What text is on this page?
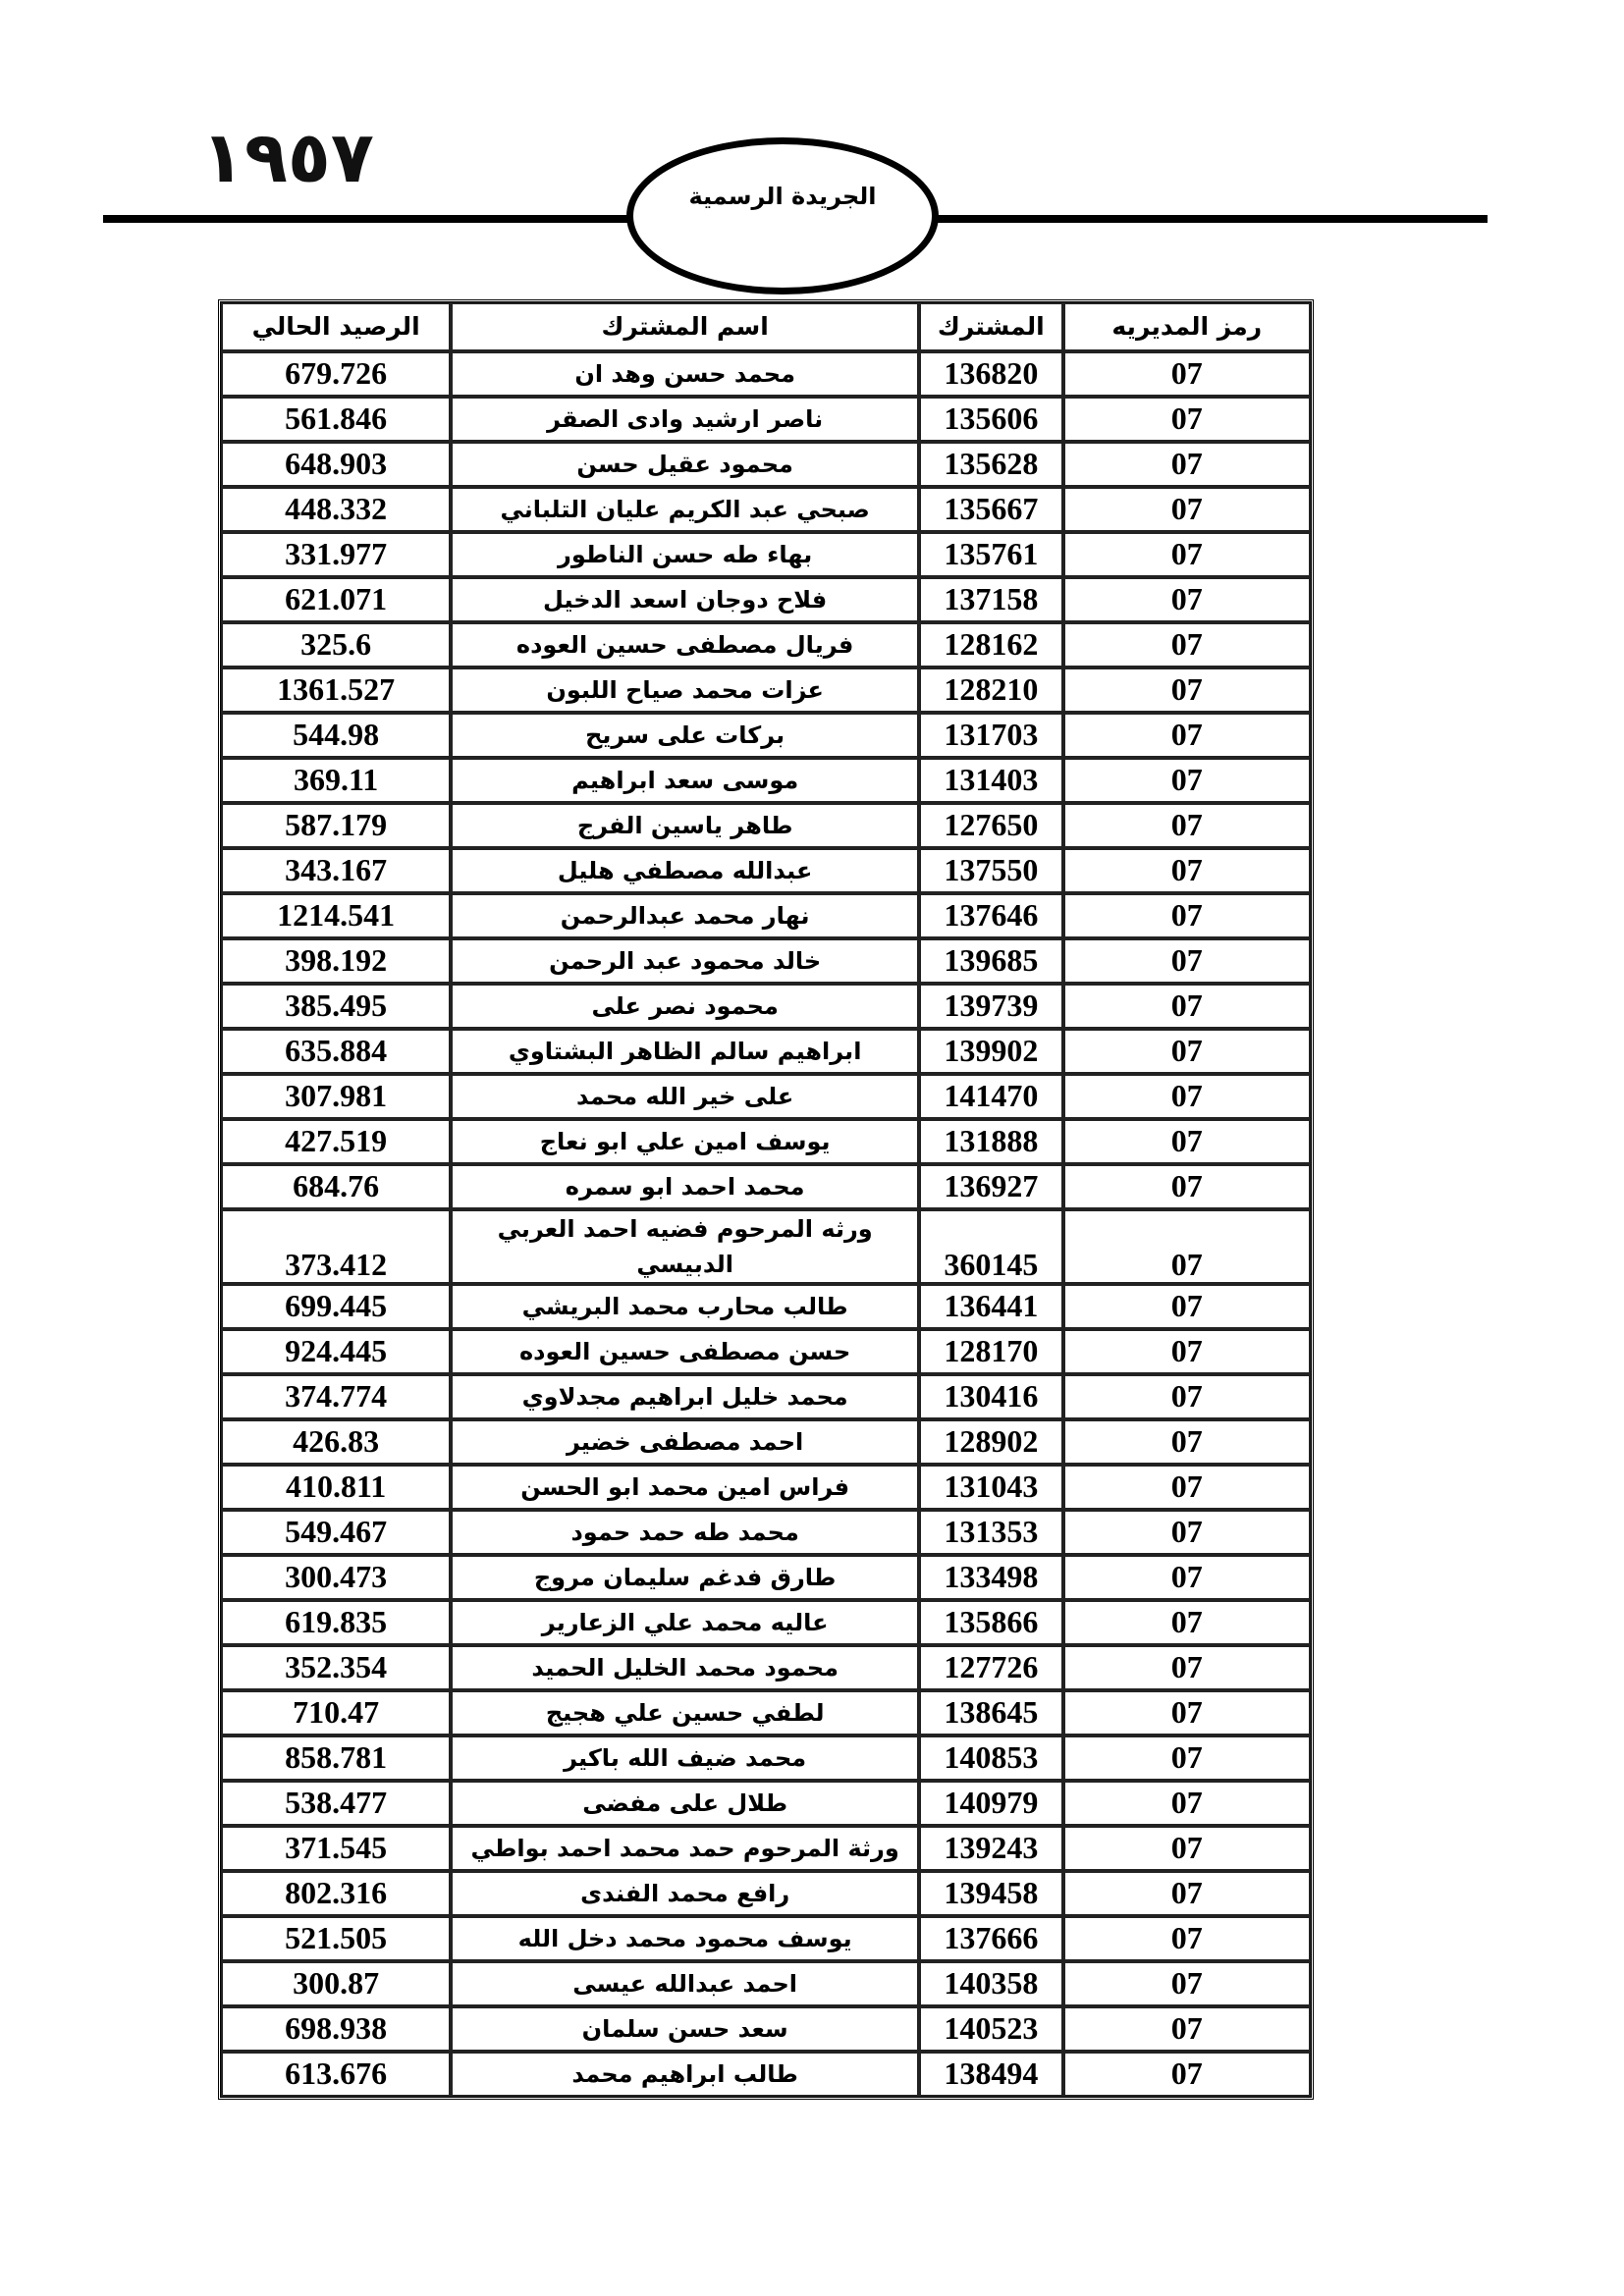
١٩٥٧	الجريدة الرسمية
رمز المديريه	المشترك	اسم المشترك	الرصيد الحالي
07	136820	محمد حسن وهد ان	679.726
07	135606	ناصر ارشيد وادى الصقر	561.846
07	135628	محمود عقيل حسن	648.903
07	135667	صبحي عبد الكريم عليان التلباني	448.332
07	135761	بهاء طه حسن الناطور	331.977
07	137158	فلاح دوجان اسعد الدخيل	621.071
07	128162	فريال مصطفى حسين العوده	325.6
07	128210	عزات محمد صياح اللبون	1361.527
07	131703	بركات علی سريح	544.98
07	131403	موسى سعد ابراهيم	369.11
07	127650	طاهر ياسين الفرج	587.179
07	137550	عبدالله مصطفي هليل	343.167
07	137646	نهار محمد عبدالرحمن	1214.541
07	139685	خالد محمود عبد الرحمن	398.192
07	139739	محمود نصر على	385.495
07	139902	ابراهيم سالم الظاهر البشتاوي	635.884
07	141470	على خير الله محمد	307.981
07	131888	يوسف امين علي ابو نعاج	427.519
07	136927	محمد احمد ابو سمره	684.76
07	360145	ورثه المرحوم فضيه احمد العربي الدبيسي	373.412
07	136441	طالب محارب محمد البريشي	699.445
07	128170	حسن مصطفى حسين العوده	924.445
07	130416	محمد خليل ابراهيم مجدلاوي	374.774
07	128902	احمد مصطفى خضير	426.83
07	131043	فراس امين محمد ابو الحسن	410.811
07	131353	محمد طه حمد حمود	549.467
07	133498	طارق فدغم سليمان مروج	300.473
07	135866	عاليه محمد علي الزعارير	619.835
07	127726	محمود محمد الخليل الحميد	352.354
07	138645	لطفي حسين علي هجيج	710.47
07	140853	محمد ضيف الله باكير	858.781
07	140979	طلال على مفضى	538.477
07	139243	ورثة المرحوم حمد محمد احمد بواطي	371.545
07	139458	رافع محمد الفندى	802.316
07	137666	يوسف محمود محمد دخل الله	521.505
07	140358	احمد عبدالله عيسى	300.87
07	140523	سعد حسن سلمان	698.938
07	138494	طالب ابراهيم محمد	613.676
